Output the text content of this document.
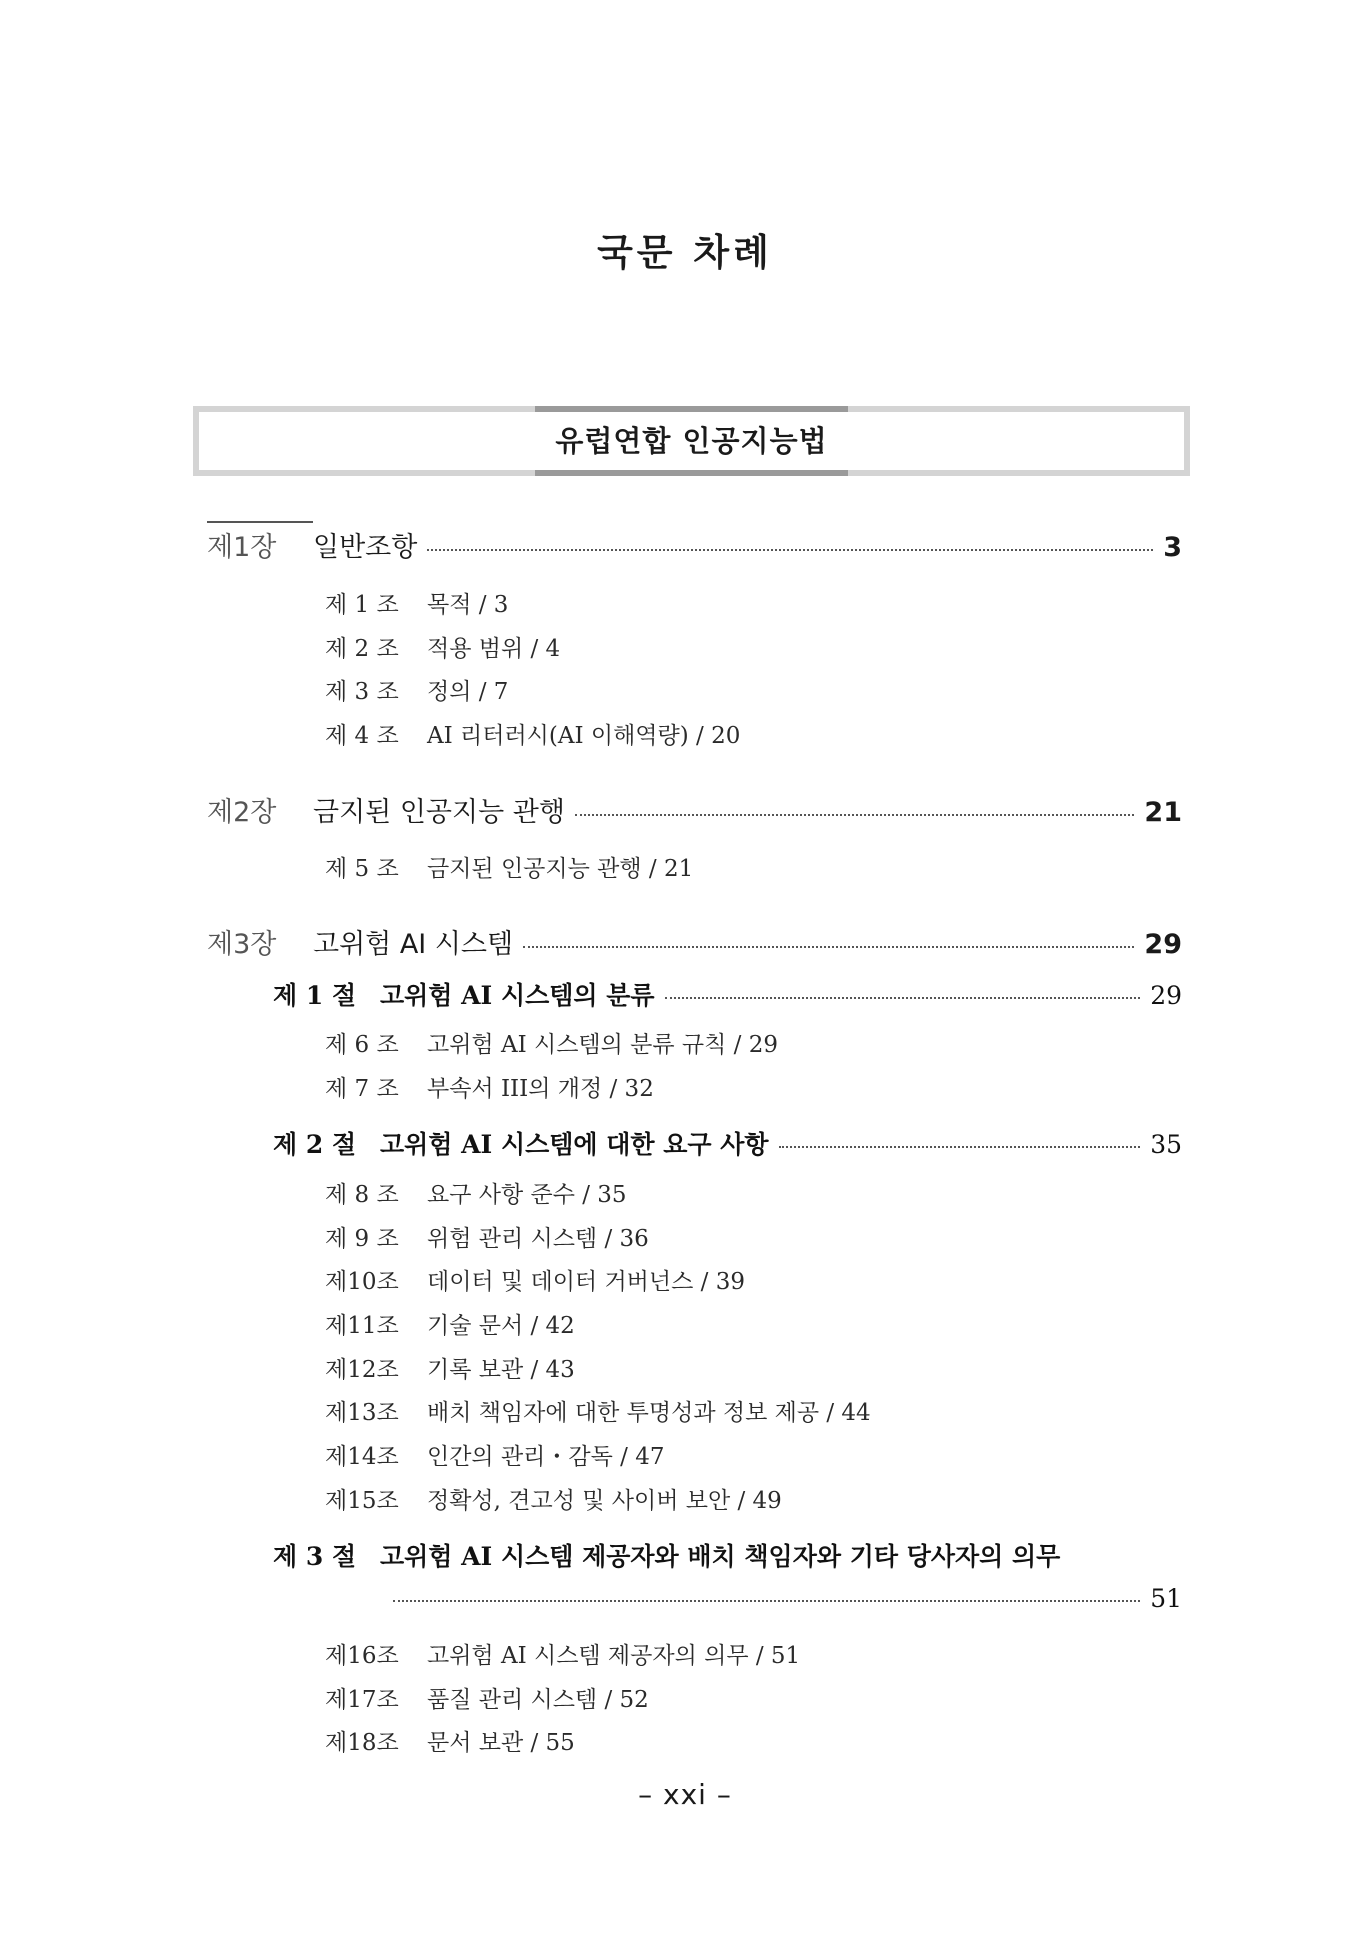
국문 차례
유럽연합 인공지능법
제1장	일반조항	3
제 1 조	목적 / 3
제 2 조	적용 범위 / 4
제 3 조	정의 / 7
제 4 조	AI 리터러시(AI 이해역량) / 20
제2장	금지된 인공지능 관행	21
제 5 조	금지된 인공지능 관행 / 21
제3장	고위험 AI 시스템	29
제 1 절 고위험 AI 시스템의 분류	29
제 6 조	고위험 AI 시스템의 분류 규칙 / 29
제 7 조	부속서 III의 개정 / 32
제 2 절 고위험 AI 시스템에 대한 요구 사항	35
제 8 조	요구 사항 준수 / 35
제 9 조	위험 관리 시스템 / 36
제10조	데이터 및 데이터 거버넌스 / 39
제11조	기술 문서 / 42
제12조	기록 보관 / 43
제13조	배치 책임자에 대한 투명성과 정보 제공 / 44
제14조	인간의 관리・감독 / 47
제15조	정확성, 견고성 및 사이버 보안 / 49
제 3 절 고위험 AI 시스템 제공자와 배치 책임자와 기타 당사자의 의무
51
제16조	고위험 AI 시스템 제공자의 의무 / 51
제17조	품질 관리 시스템 / 52
제18조	문서 보관 / 55
– xxi –
